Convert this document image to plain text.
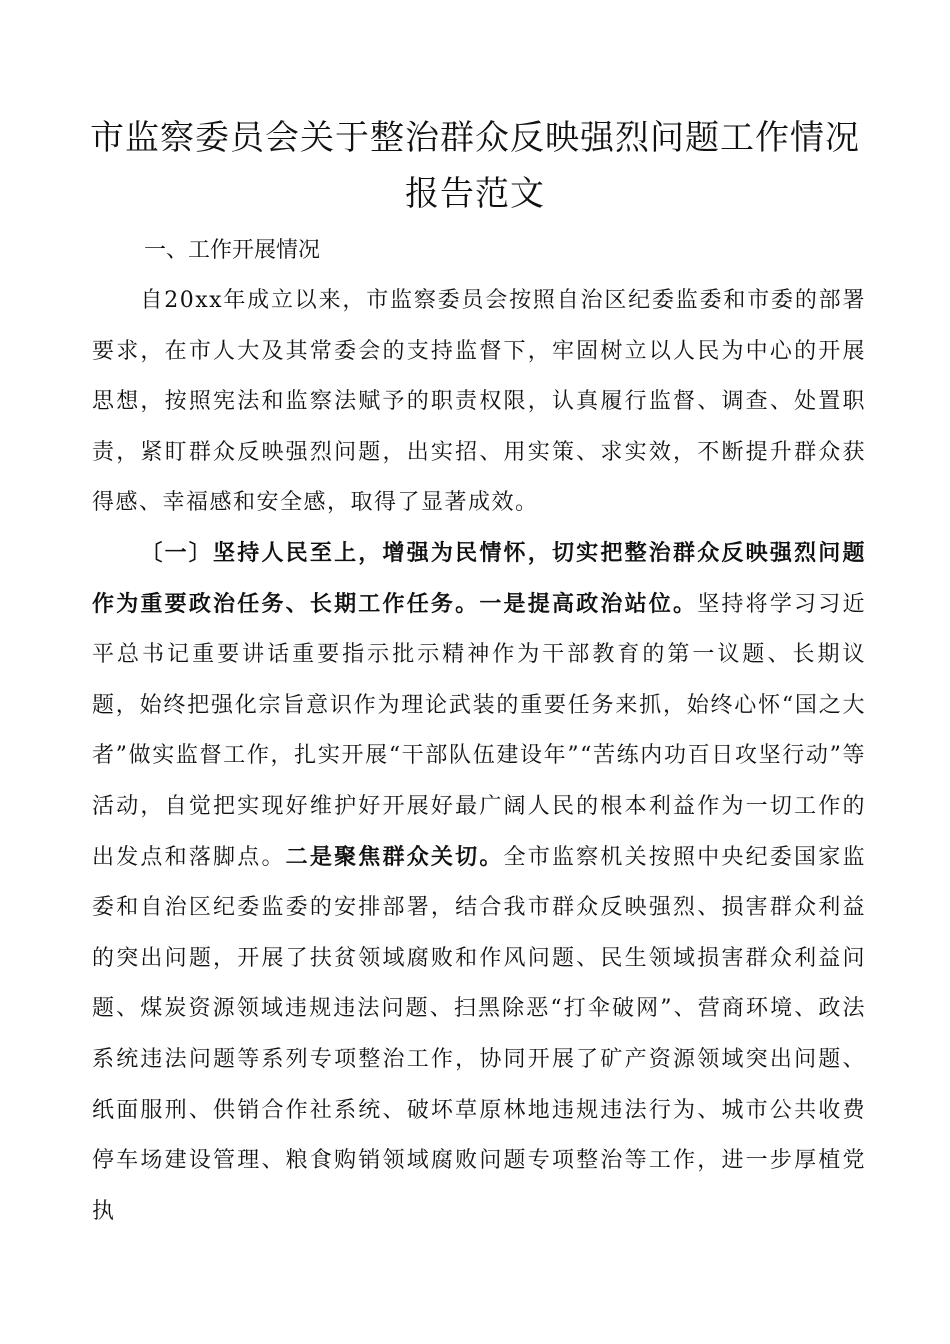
市监察委员会关于整治群众反映强烈问题工作情况报告范文
一、工作开展情况

自20xx年成立以来，市监察委员会按照自治区纪委监委和市委的部署要求，在市人大及其常委会的支持监督下，牢固树立以人民为中心的开展思想，按照宪法和监察法赋予的职责权限，认真履行监督、调查、处置职责，紧盯群众反映强烈问题，出实招、用实策、求实效，不断提升群众获得感、幸福感和安全感，取得了显著成效。

〔一〕坚持人民至上，增强为民情怀，切实把整治群众反映强烈问题作为重要政治任务、长期工作任务。一是提高政治站位。坚持将学习习近平总书记重要讲话重要指示批示精神作为干部教育的第一议题、长期议题，始终把强化宗旨意识作为理论武装的重要任务来抓，始终心怀“国之大者”做实监督工作，扎实开展“干部队伍建设年”“苦练内功百日攻坚行动”等活动，自觉把实现好维护好开展好最广阔人民的根本利益作为一切工作的出发点和落脚点。二是聚焦群众关切。全市监察机关按照中央纪委国家监委和自治区纪委监委的安排部署，结合我市群众反映强烈、损害群众利益的突出问题，开展了扶贫领域腐败和作风问题、民生领域损害群众利益问题、煤炭资源领域违规违法问题、扫黑除恶“打伞破网”、营商环境、政法系统违法问题等系列专项整治工作，协同开展了矿产资源领域突出问题、纸面服刑、供销合作社系统、破坏草原林地违规违法行为、城市公共收费停车场建设管理、粮食购销领域腐败问题专项整治等工作，进一步厚植党执
